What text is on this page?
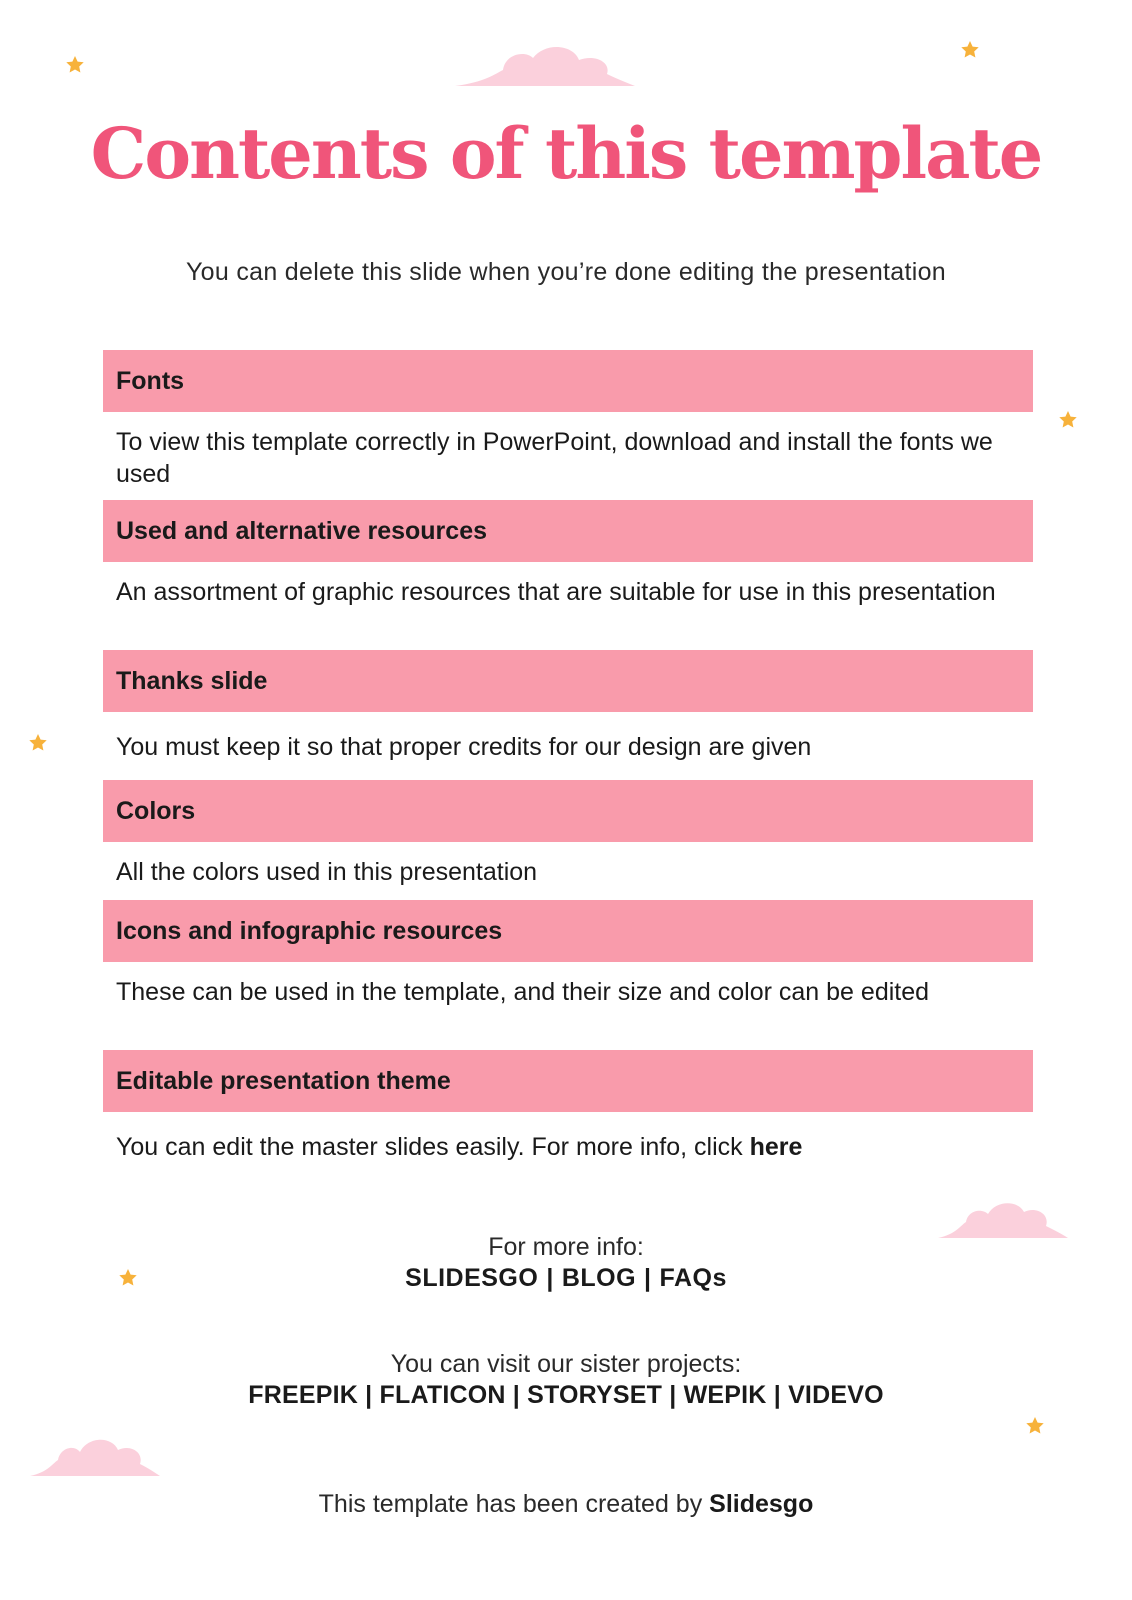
Contents of this template
You can delete this slide when you’re done editing the presentation
Fonts
To view this template correctly in PowerPoint, download and install the fonts we used
Used and alternative resources
An assortment of graphic resources that are suitable for use in this presentation
Thanks slide
You must keep it so that proper credits for our design are given
Colors
All the colors used in this presentation
Icons and infographic resources
These can be used in the template, and their size and color can be edited
Editable presentation theme
You can edit the master slides easily. For more info, click here
For more info:
SLIDESGO | BLOG | FAQs
You can visit our sister projects:
FREEPIK | FLATICON | STORYSET | WEPIK | VIDEVO
This template has been created by Slidesgo
